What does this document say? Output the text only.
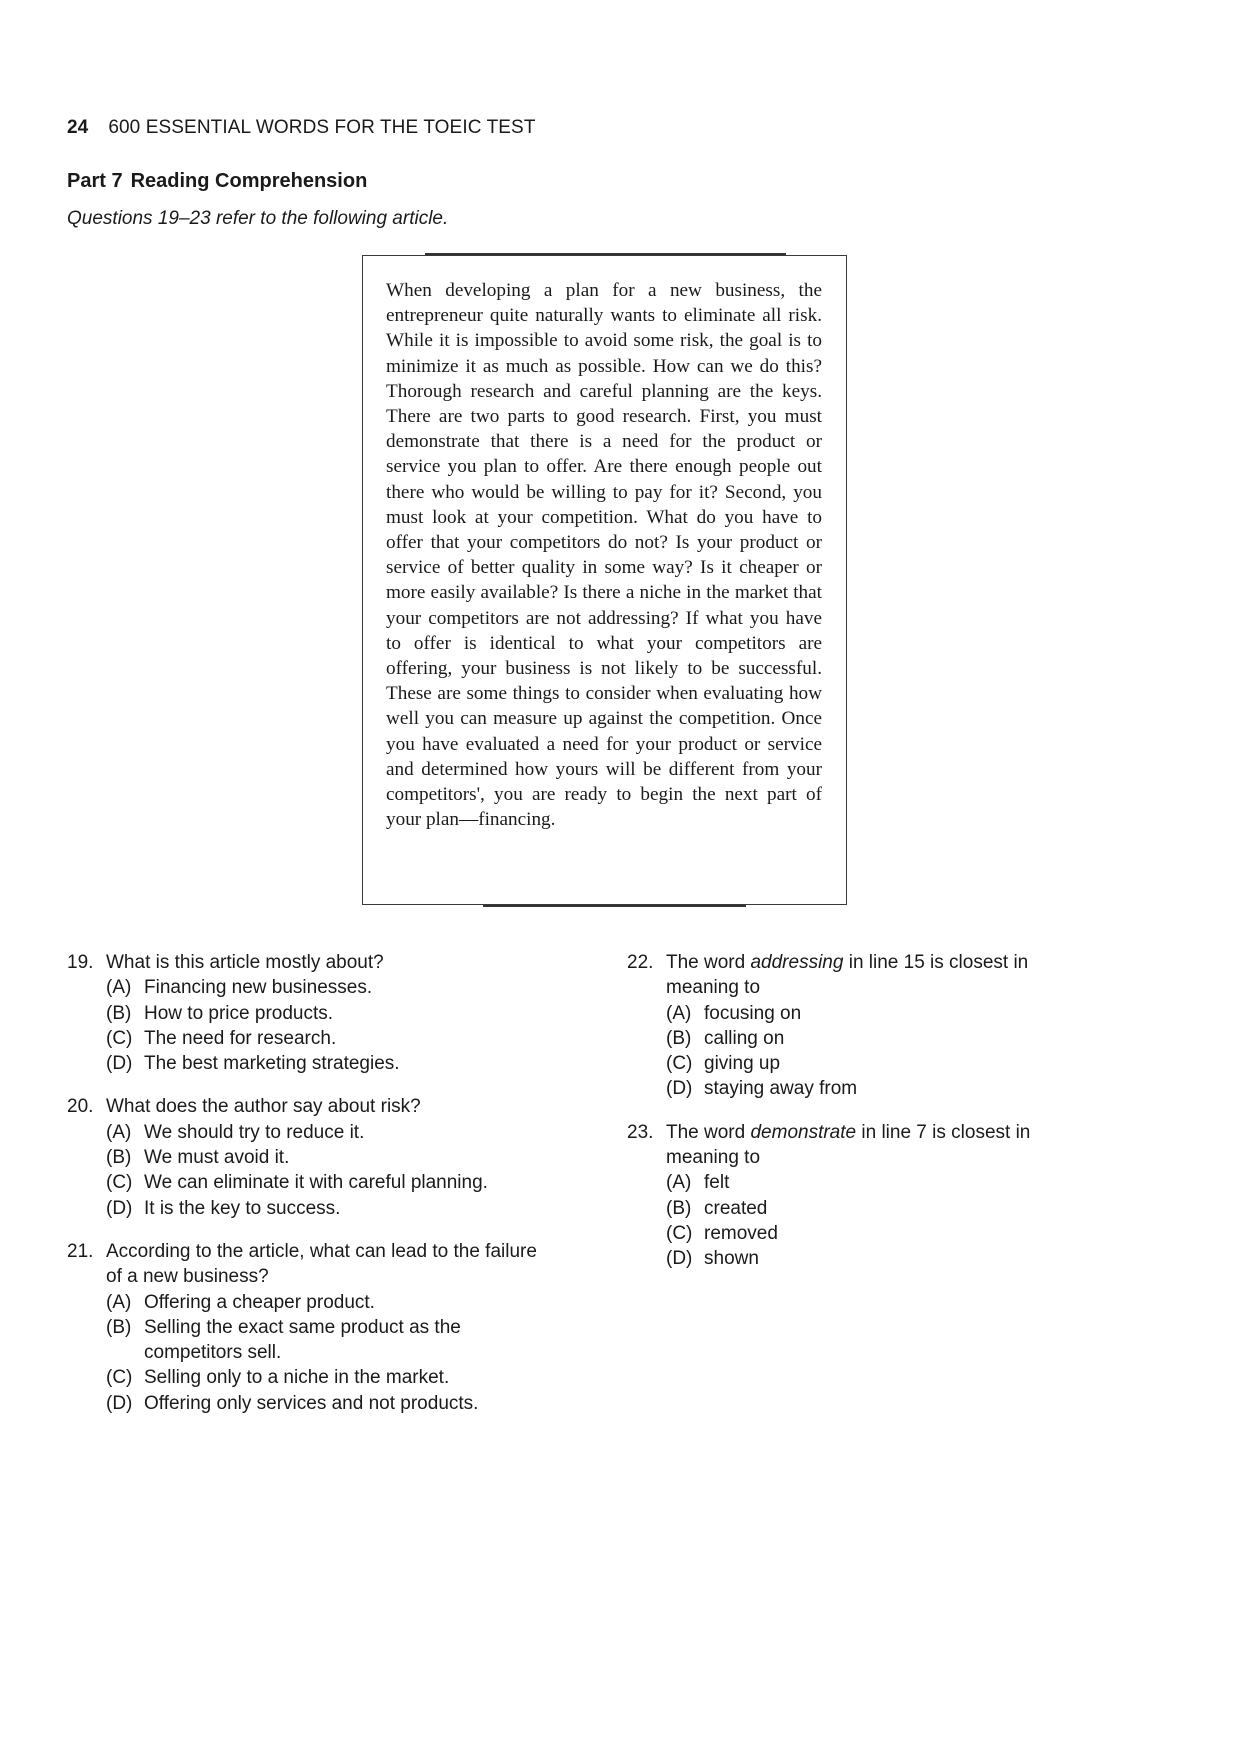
24 600 ESSENTIAL WORDS FOR THE TOEIC TEST
Part 7 Reading Comprehension
Questions 19–23 refer to the following article.

When developing a plan for a new business, the entrepreneur quite naturally wants to eliminate all risk. While it is impossible to avoid some risk, the goal is to minimize it as much as possible. How can we do this? Thorough research and careful planning are the keys. There are two parts to good research. First, you must demonstrate that there is a need for the product or service you plan to offer. Are there enough people out there who would be willing to pay for it? Second, you must look at your competition. What do you have to offer that your competitors do not? Is your product or service of better quality in some way? Is it cheaper or more easily available? Is there a niche in the market that your competitors are not addressing? If what you have to offer is identical to what your competitors are offering, your business is not likely to be successful. These are some things to consider when evaluating how well you can measure up against the competition. Once you have evaluated a need for your product or service and determined how yours will be different from your competitors', you are ready to begin the next part of your plan—financing.

19. What is this article mostly about?
(A) Financing new businesses.
(B) How to price products.
(C) The need for research.
(D) The best marketing strategies.
20. What does the author say about risk?
(A) We should try to reduce it.
(B) We must avoid it.
(C) We can eliminate it with careful planning.
(D) It is the key to success.
21. According to the article, what can lead to the failure of a new business?
(A) Offering a cheaper product.
(B) Selling the exact same product as the competitors sell.
(C) Selling only to a niche in the market.
(D) Offering only services and not products.
22. The word addressing in line 15 is closest in meaning to
(A) focusing on
(B) calling on
(C) giving up
(D) staying away from
23. The word demonstrate in line 7 is closest in meaning to
(A) felt
(B) created
(C) removed
(D) shown
